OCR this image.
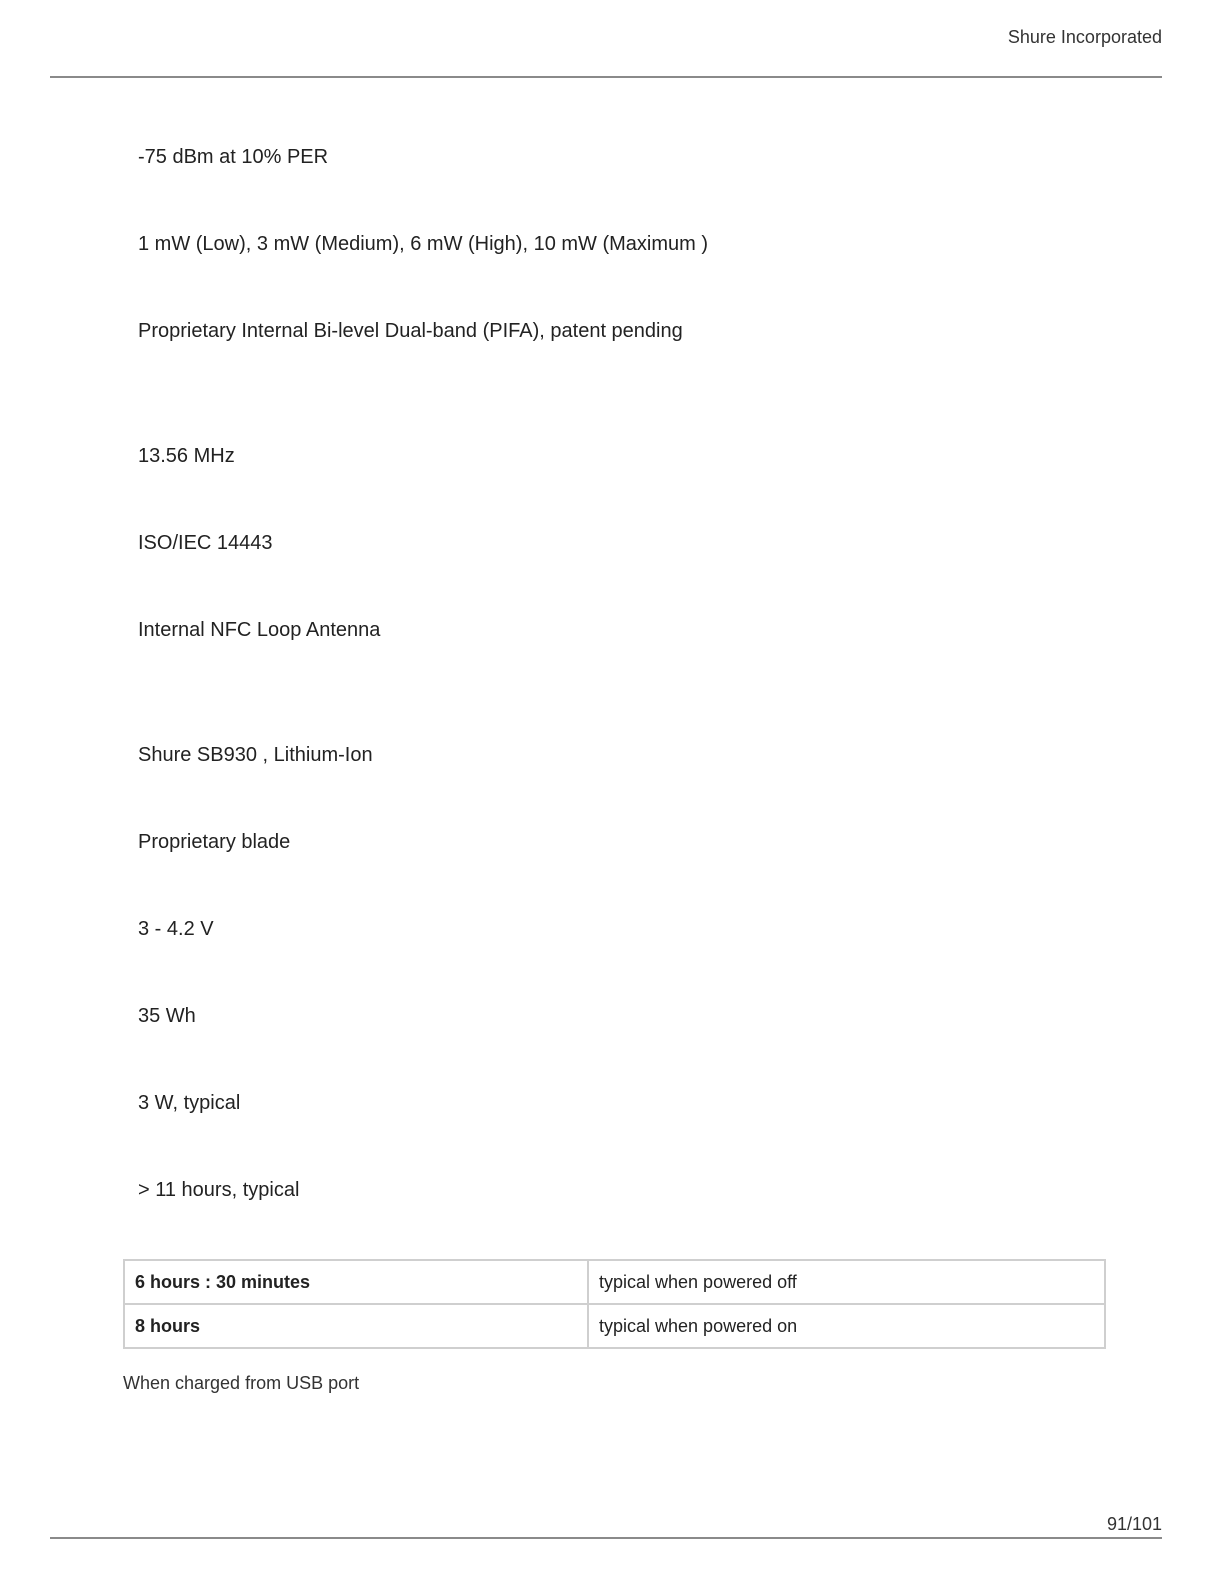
Shure Incorporated
-75 dBm at 10% PER
1 mW (Low), 3 mW (Medium), 6 mW (High), 10 mW (Maximum )
Proprietary Internal Bi-level Dual-band (PIFA), patent pending
13.56 MHz
ISO/IEC 14443
Internal NFC Loop Antenna
Shure SB930 , Lithium-Ion
Proprietary blade
3 - 4.2 V
35 Wh
3 W, typical
> 11 hours, typical
6 hours : 30 minutes	typical when powered off
8 hours	typical when powered on
When charged from USB port
91/101
